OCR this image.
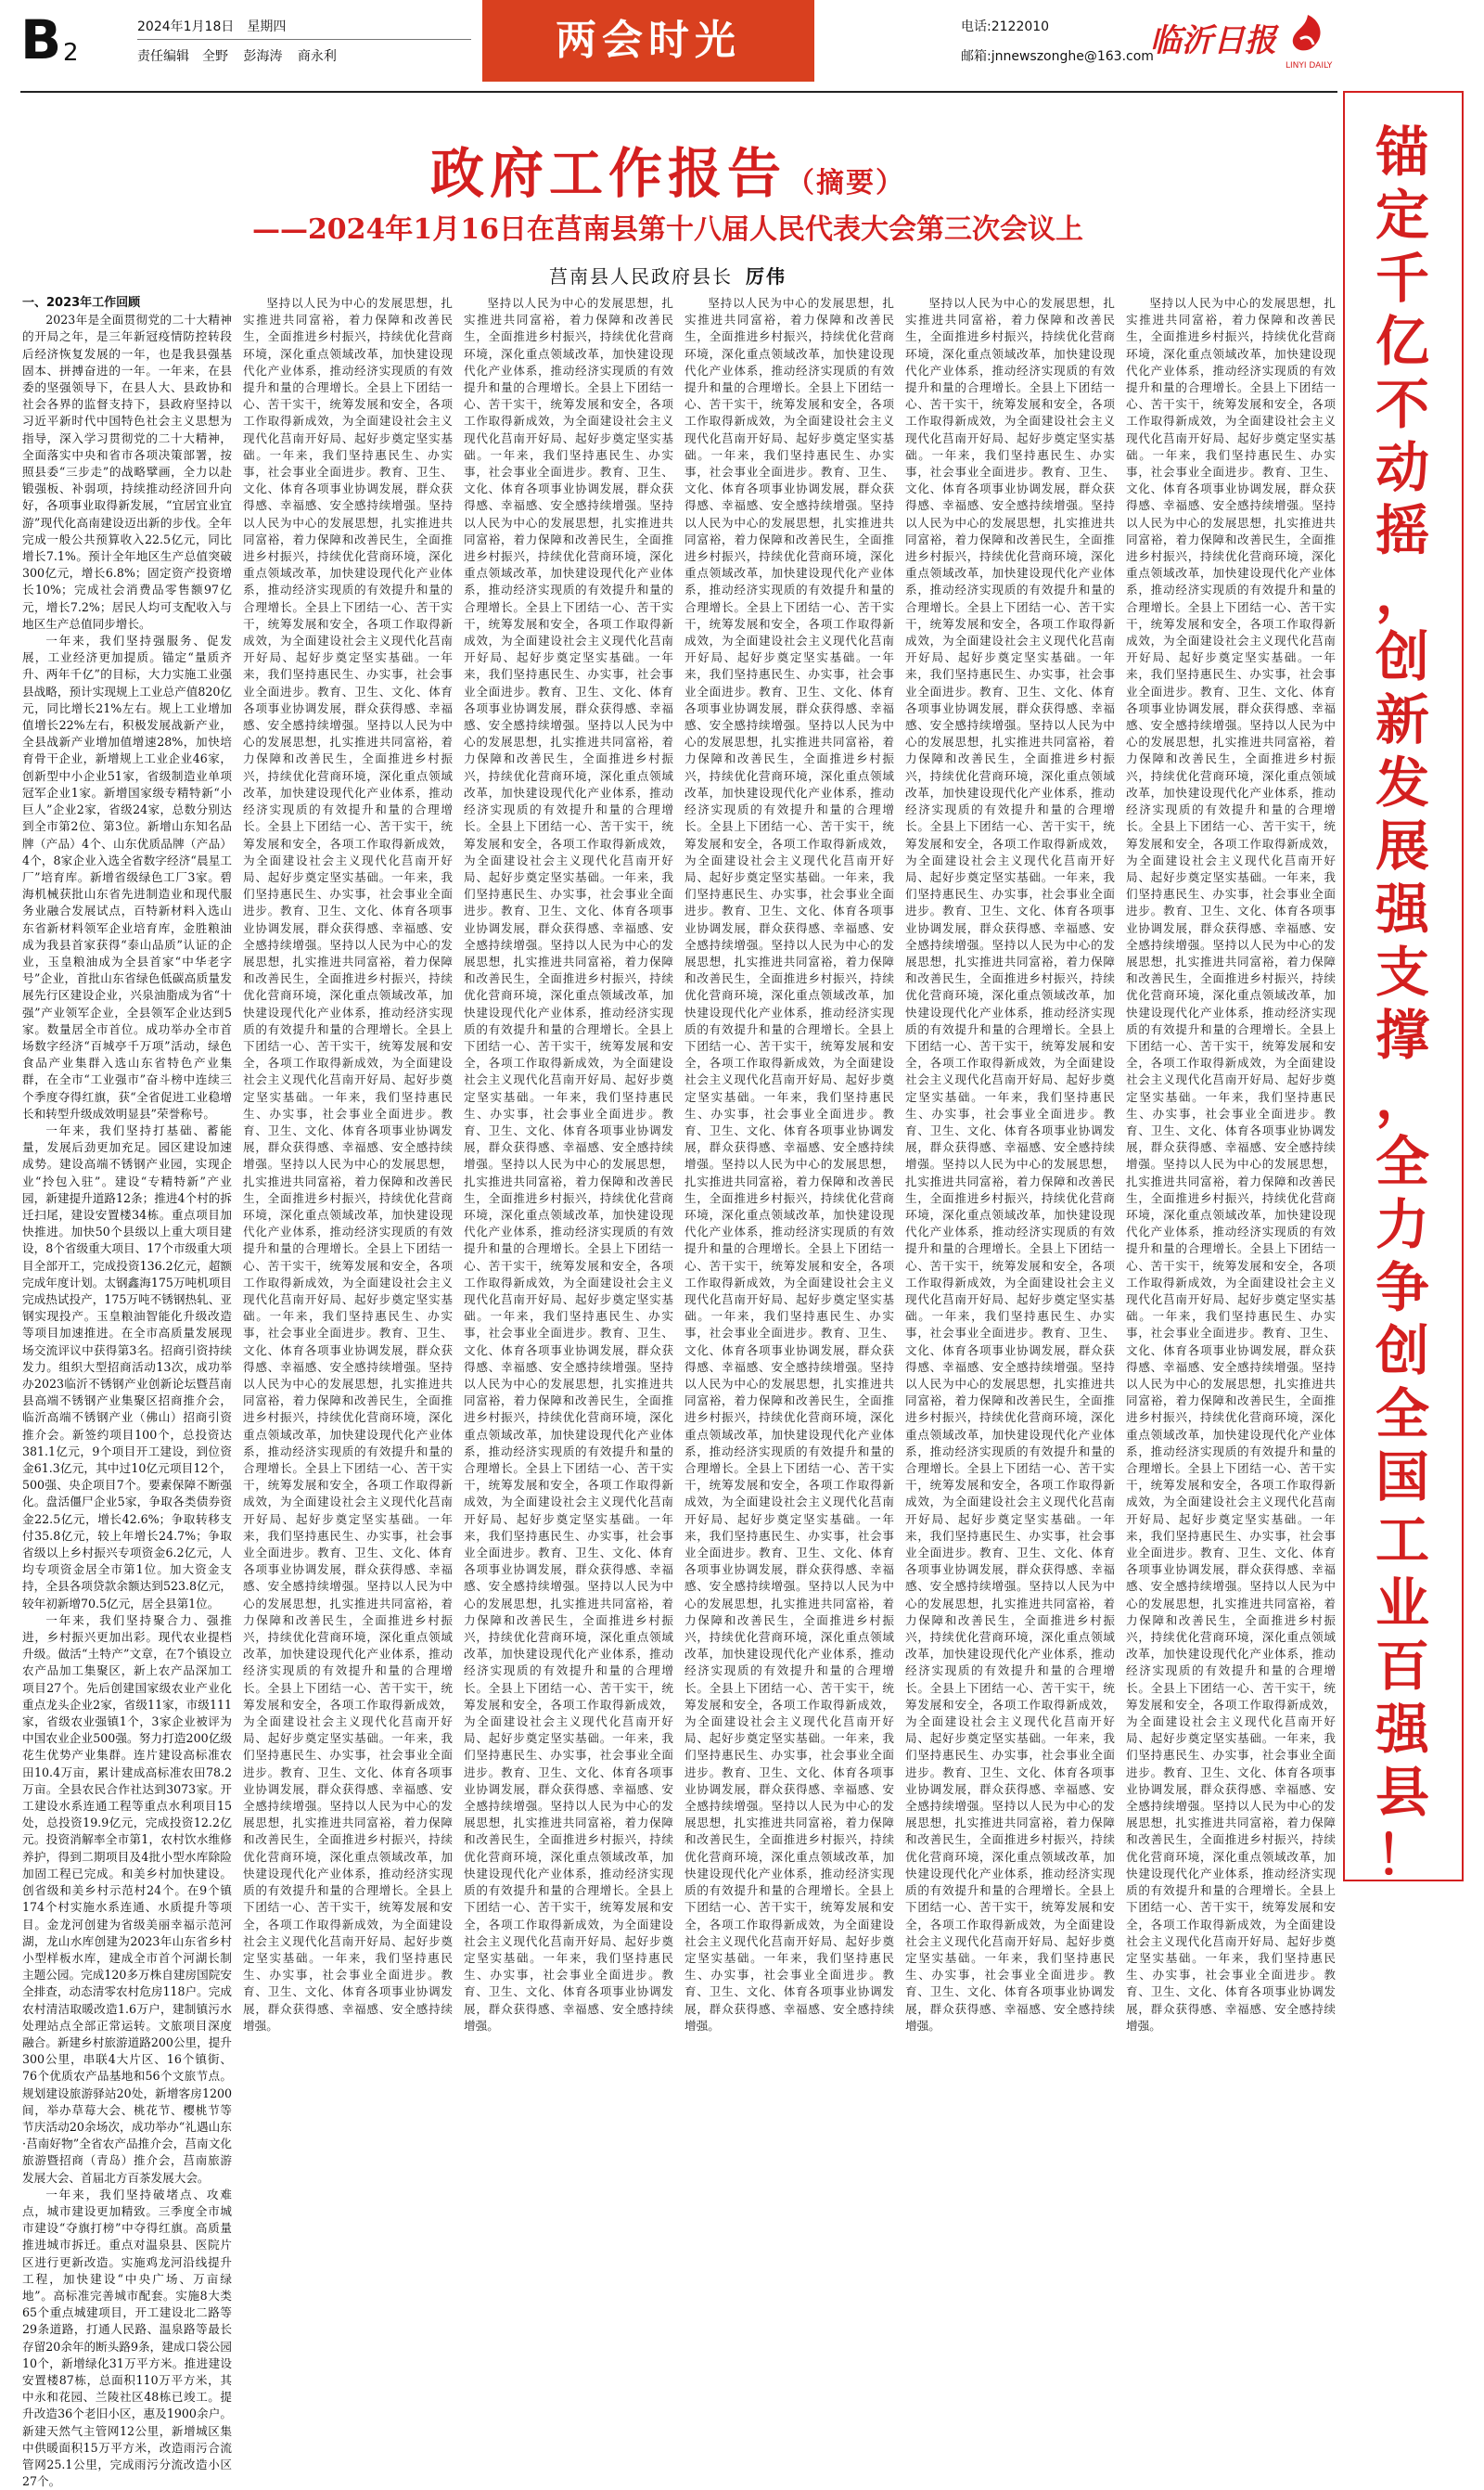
B 2
2024年1月18日　星期四
责任编辑　全野 彭海涛 商永利	两会时光	电话:2122010
邮箱:jnnewszonghe@163.com
临沂日报
LINYI DAILY
锚
定
千
亿
不
动
摇
，
创
新
发
展
强
支
撑
，
全
力
争
创
全
国
工
业
百
强
县
！
政府工作报告（摘要）
——2024年1月16日在莒南县第十八届人民代表大会第三次会议上
莒南县人民政府县长 厉伟
一、2023年工作回顾

2023年是全面贯彻党的二十大精神的开局之年，是三年新冠疫情防控转段后经济恢复发展的一年，也是我县强基固本、拼搏奋进的一年。一年来，在县委的坚强领导下，在县人大、县政协和社会各界的监督支持下，县政府坚持以习近平新时代中国特色社会主义思想为指导，深入学习贯彻党的二十大精神，全面落实中央和省市各项决策部署，按照县委“三步走”的战略擘画，全力以赴锻强板、补弱项，持续推动经济回升向好，各项事业取得新发展，“宜居宜业宜游”现代化高南建设迈出新的步伐。全年完成一般公共预算收入22.5亿元，同比增长7.1%。预计全年地区生产总值突破300亿元，增长6.8%；固定资产投资增长10%；完成社会消费品零售额97亿元，增长7.2%；居民人均可支配收入与地区生产总值同步增长。

一年来，我们坚持强服务、促发展，工业经济更加提质。锚定“量质齐升、两年千亿”的目标，大力实施工业强县战略，预计实现规上工业总产值820亿元，同比增长21%左右。规上工业增加值增长22%左右，积极发展战新产业，全县战新产业增加值增速28%，加快培育骨干企业，新增规上工业企业46家，创新型中小企业51家，省级制造业单项冠军企业1家。新增国家级专精特新“小巨人”企业2家，省级24家，总数分别达到全市第2位、第3位。新增山东知名品牌（产品）4个、山东优质品牌（产品）4个，8家企业入选全省数字经济“晨星工厂”培育库。新增省级绿色工厂3家。碧海机械获批山东省先进制造业和现代服务业融合发展试点，百特新材料入选山东省新材料领军企业培育库，金胜粮油成为我县首家获得“泰山品质”认证的企业，玉皇粮油成为全县首家“中华老字号”企业，首批山东省绿色低碳高质量发展先行区建设企业，兴泉油脂成为省“十强”产业领军企业，全县领军企业达到5家。数量居全市首位。成功举办全市首场数字经济“百城亭千万项”活动，绿色食品产业集群入选山东省特色产业集群，在全市“工业强市”奋斗榜中连续三个季度夺得红旗，获“全省促进工业稳增长和转型升级成效明显县”荣誉称号。

一年来，我们坚持打基础、蓄能量，发展后劲更加充足。园区建设加速成势。建设高端不锈钢产业园，实现企业“拎包入驻”。建设“专精特新”产业园，新建提升道路12条；推进4个村的拆迁扫尾，建设安置楼34栋。重点项目加快推进。加快50个县级以上重大项目建设，8个省级重大项目、17个市级重大项目全部开工，完成投资136.2亿元，超额完成年度计划。太钢鑫海175万吨机项目完成热试投产，175万吨不锈钢热轧、亚钢实现投产。玉皇粮油智能化升级改造等项目加速推进。在全市高质量发展现场交流评议中获得第3名。招商引资持续发力。组织大型招商活动13次，成功举办2023临沂不锈钢产业创新论坛暨莒南县高端不锈钢产业集聚区招商推介会，临沂高端不锈钢产业（佛山）招商引资推介会。新签约项目100个，总投资达381.1亿元，9个项目开工建设，到位资金61.3亿元，其中过10亿元项目12个，500强、央企项目7个。要素保障不断强化。盘活僵尸企业5家，争取各类债券资金22.5亿元，增长42.6%；争取转移支付35.8亿元，较上年增长24.7%；争取省级以上乡村振兴专项资金6.2亿元，人均专项资金居全市第1位。加大资金支持，全县各项贷款余额达到523.8亿元，较年初新增70.5亿元，居全县第1位。

一年来，我们坚持聚合力、强推进，乡村振兴更加出彩。现代农业提档升级。做活“土特产”文章，在7个镇设立农产品加工集聚区，新上农产品深加工项目27个。先后创建国家级农业产业化重点龙头企业2家，省级11家，市级111家，省级农业强镇1个，3家企业被评为中国农业企业500强。努力打造200亿级花生优势产业集群。连片建设高标准农田10.4万亩，累计建成高标准农田78.2万亩。全县农民合作社达到3073家。开工建设水系连通工程等重点水利项目15处，总投资19.9亿元，完成投资12.2亿元。投资消解率全市第1，农村饮水维修养护，得到二期项目及4批小型水库除险加固工程已完成。和美乡村加快建设。创省级和美乡村示范村24个。在9个镇174个村实施水系连通、水质提升等项目。金龙河创建为省级美丽幸福示范河湖，龙山水库创建为2023年山东省乡村小型样板水库，建成全市首个河湖长制主题公园。完成120多万株自建房国院安全排查，动态清零农村危房118户。完成农村清洁取暖改造1.6万户，建制镇污水处理站点全部正常运转。文旅项目深度融合。新建乡村旅游道路200公里，提升300公里，串联4大片区、16个镇街、76个优质农产品基地和56个文旅节点。规划建设旅游驿站20处，新增客房1200间，举办草莓大会、桃花节、樱桃节等节庆活动20余场次，成功举办“礼遇山东·莒南好物”全省农产品推介会，莒南文化旅游暨招商（青岛）推介会，莒南旅游发展大会、首届北方百茶发展大会。

一年来，我们坚持破堵点、攻难点，城市建设更加精致。三季度全市城市建设“夺旗打榜”中夺得红旗。高质量推进城市拆迁。重点对温泉县、医院片区进行更新改造。实施鸡龙河沿线提升工程，加快建设“中央广场、万亩绿地”。高标准完善城市配套。实施8大类65个重点城建项目，开工建设北二路等29条道路，打通人民路、温泉路等最长存留20余年的断头路9条，建成口袋公园10个，新增绿化31万平方米。推进建设安置楼87栋，总面积110万平方米，其中永和花园、兰陵社区48栋已竣工。提升改造36个老旧小区，惠及1900余户。新建天然气主管网12公里，新增城区集中供暖面积15万平方米，改造雨污合流管网25.1公里，完成雨污分流改造小区27个。

坚持以人民为中心的发展思想，扎实推进共同富裕，着力保障和改善民生，全面推进乡村振兴，持续优化营商环境，深化重点领域改革，加快建设现代化产业体系，推动经济实现质的有效提升和量的合理增长。全县上下团结一心、苦干实干，统筹发展和安全，各项工作取得新成效，为全面建设社会主义现代化莒南开好局、起好步奠定坚实基础。一年来，我们坚持惠民生、办实事，社会事业全面进步。教育、卫生、文化、体育各项事业协调发展，群众获得感、幸福感、安全感持续增强。坚持以人民为中心的发展思想，扎实推进共同富裕，着力保障和改善民生，全面推进乡村振兴，持续优化营商环境，深化重点领域改革，加快建设现代化产业体系，推动经济实现质的有效提升和量的合理增长。全县上下团结一心、苦干实干，统筹发展和安全，各项工作取得新成效，为全面建设社会主义现代化莒南开好局、起好步奠定坚实基础。一年来，我们坚持惠民生、办实事，社会事业全面进步。教育、卫生、文化、体育各项事业协调发展，群众获得感、幸福感、安全感持续增强。坚持以人民为中心的发展思想，扎实推进共同富裕，着力保障和改善民生，全面推进乡村振兴，持续优化营商环境，深化重点领域改革，加快建设现代化产业体系，推动经济实现质的有效提升和量的合理增长。全县上下团结一心、苦干实干，统筹发展和安全，各项工作取得新成效，为全面建设社会主义现代化莒南开好局、起好步奠定坚实基础。一年来，我们坚持惠民生、办实事，社会事业全面进步。教育、卫生、文化、体育各项事业协调发展，群众获得感、幸福感、安全感持续增强。坚持以人民为中心的发展思想，扎实推进共同富裕，着力保障和改善民生，全面推进乡村振兴，持续优化营商环境，深化重点领域改革，加快建设现代化产业体系，推动经济实现质的有效提升和量的合理增长。全县上下团结一心、苦干实干，统筹发展和安全，各项工作取得新成效，为全面建设社会主义现代化莒南开好局、起好步奠定坚实基础。一年来，我们坚持惠民生、办实事，社会事业全面进步。教育、卫生、文化、体育各项事业协调发展，群众获得感、幸福感、安全感持续增强。坚持以人民为中心的发展思想，扎实推进共同富裕，着力保障和改善民生，全面推进乡村振兴，持续优化营商环境，深化重点领域改革，加快建设现代化产业体系，推动经济实现质的有效提升和量的合理增长。全县上下团结一心、苦干实干，统筹发展和安全，各项工作取得新成效，为全面建设社会主义现代化莒南开好局、起好步奠定坚实基础。一年来，我们坚持惠民生、办实事，社会事业全面进步。教育、卫生、文化、体育各项事业协调发展，群众获得感、幸福感、安全感持续增强。坚持以人民为中心的发展思想，扎实推进共同富裕，着力保障和改善民生，全面推进乡村振兴，持续优化营商环境，深化重点领域改革，加快建设现代化产业体系，推动经济实现质的有效提升和量的合理增长。全县上下团结一心、苦干实干，统筹发展和安全，各项工作取得新成效，为全面建设社会主义现代化莒南开好局、起好步奠定坚实基础。一年来，我们坚持惠民生、办实事，社会事业全面进步。教育、卫生、文化、体育各项事业协调发展，群众获得感、幸福感、安全感持续增强。坚持以人民为中心的发展思想，扎实推进共同富裕，着力保障和改善民生，全面推进乡村振兴，持续优化营商环境，深化重点领域改革，加快建设现代化产业体系，推动经济实现质的有效提升和量的合理增长。全县上下团结一心、苦干实干，统筹发展和安全，各项工作取得新成效，为全面建设社会主义现代化莒南开好局、起好步奠定坚实基础。一年来，我们坚持惠民生、办实事，社会事业全面进步。教育、卫生、文化、体育各项事业协调发展，群众获得感、幸福感、安全感持续增强。坚持以人民为中心的发展思想，扎实推进共同富裕，着力保障和改善民生，全面推进乡村振兴，持续优化营商环境，深化重点领域改革，加快建设现代化产业体系，推动经济实现质的有效提升和量的合理增长。全县上下团结一心、苦干实干，统筹发展和安全，各项工作取得新成效，为全面建设社会主义现代化莒南开好局、起好步奠定坚实基础。一年来，我们坚持惠民生、办实事，社会事业全面进步。教育、卫生、文化、体育各项事业协调发展，群众获得感、幸福感、安全感持续增强。

坚持以人民为中心的发展思想，扎实推进共同富裕，着力保障和改善民生，全面推进乡村振兴，持续优化营商环境，深化重点领域改革，加快建设现代化产业体系，推动经济实现质的有效提升和量的合理增长。全县上下团结一心、苦干实干，统筹发展和安全，各项工作取得新成效，为全面建设社会主义现代化莒南开好局、起好步奠定坚实基础。一年来，我们坚持惠民生、办实事，社会事业全面进步。教育、卫生、文化、体育各项事业协调发展，群众获得感、幸福感、安全感持续增强。坚持以人民为中心的发展思想，扎实推进共同富裕，着力保障和改善民生，全面推进乡村振兴，持续优化营商环境，深化重点领域改革，加快建设现代化产业体系，推动经济实现质的有效提升和量的合理增长。全县上下团结一心、苦干实干，统筹发展和安全，各项工作取得新成效，为全面建设社会主义现代化莒南开好局、起好步奠定坚实基础。一年来，我们坚持惠民生、办实事，社会事业全面进步。教育、卫生、文化、体育各项事业协调发展，群众获得感、幸福感、安全感持续增强。坚持以人民为中心的发展思想，扎实推进共同富裕，着力保障和改善民生，全面推进乡村振兴，持续优化营商环境，深化重点领域改革，加快建设现代化产业体系，推动经济实现质的有效提升和量的合理增长。全县上下团结一心、苦干实干，统筹发展和安全，各项工作取得新成效，为全面建设社会主义现代化莒南开好局、起好步奠定坚实基础。一年来，我们坚持惠民生、办实事，社会事业全面进步。教育、卫生、文化、体育各项事业协调发展，群众获得感、幸福感、安全感持续增强。坚持以人民为中心的发展思想，扎实推进共同富裕，着力保障和改善民生，全面推进乡村振兴，持续优化营商环境，深化重点领域改革，加快建设现代化产业体系，推动经济实现质的有效提升和量的合理增长。全县上下团结一心、苦干实干，统筹发展和安全，各项工作取得新成效，为全面建设社会主义现代化莒南开好局、起好步奠定坚实基础。一年来，我们坚持惠民生、办实事，社会事业全面进步。教育、卫生、文化、体育各项事业协调发展，群众获得感、幸福感、安全感持续增强。坚持以人民为中心的发展思想，扎实推进共同富裕，着力保障和改善民生，全面推进乡村振兴，持续优化营商环境，深化重点领域改革，加快建设现代化产业体系，推动经济实现质的有效提升和量的合理增长。全县上下团结一心、苦干实干，统筹发展和安全，各项工作取得新成效，为全面建设社会主义现代化莒南开好局、起好步奠定坚实基础。一年来，我们坚持惠民生、办实事，社会事业全面进步。教育、卫生、文化、体育各项事业协调发展，群众获得感、幸福感、安全感持续增强。坚持以人民为中心的发展思想，扎实推进共同富裕，着力保障和改善民生，全面推进乡村振兴，持续优化营商环境，深化重点领域改革，加快建设现代化产业体系，推动经济实现质的有效提升和量的合理增长。全县上下团结一心、苦干实干，统筹发展和安全，各项工作取得新成效，为全面建设社会主义现代化莒南开好局、起好步奠定坚实基础。一年来，我们坚持惠民生、办实事，社会事业全面进步。教育、卫生、文化、体育各项事业协调发展，群众获得感、幸福感、安全感持续增强。坚持以人民为中心的发展思想，扎实推进共同富裕，着力保障和改善民生，全面推进乡村振兴，持续优化营商环境，深化重点领域改革，加快建设现代化产业体系，推动经济实现质的有效提升和量的合理增长。全县上下团结一心、苦干实干，统筹发展和安全，各项工作取得新成效，为全面建设社会主义现代化莒南开好局、起好步奠定坚实基础。一年来，我们坚持惠民生、办实事，社会事业全面进步。教育、卫生、文化、体育各项事业协调发展，群众获得感、幸福感、安全感持续增强。坚持以人民为中心的发展思想，扎实推进共同富裕，着力保障和改善民生，全面推进乡村振兴，持续优化营商环境，深化重点领域改革，加快建设现代化产业体系，推动经济实现质的有效提升和量的合理增长。全县上下团结一心、苦干实干，统筹发展和安全，各项工作取得新成效，为全面建设社会主义现代化莒南开好局、起好步奠定坚实基础。一年来，我们坚持惠民生、办实事，社会事业全面进步。教育、卫生、文化、体育各项事业协调发展，群众获得感、幸福感、安全感持续增强。

坚持以人民为中心的发展思想，扎实推进共同富裕，着力保障和改善民生，全面推进乡村振兴，持续优化营商环境，深化重点领域改革，加快建设现代化产业体系，推动经济实现质的有效提升和量的合理增长。全县上下团结一心、苦干实干，统筹发展和安全，各项工作取得新成效，为全面建设社会主义现代化莒南开好局、起好步奠定坚实基础。一年来，我们坚持惠民生、办实事，社会事业全面进步。教育、卫生、文化、体育各项事业协调发展，群众获得感、幸福感、安全感持续增强。坚持以人民为中心的发展思想，扎实推进共同富裕，着力保障和改善民生，全面推进乡村振兴，持续优化营商环境，深化重点领域改革，加快建设现代化产业体系，推动经济实现质的有效提升和量的合理增长。全县上下团结一心、苦干实干，统筹发展和安全，各项工作取得新成效，为全面建设社会主义现代化莒南开好局、起好步奠定坚实基础。一年来，我们坚持惠民生、办实事，社会事业全面进步。教育、卫生、文化、体育各项事业协调发展，群众获得感、幸福感、安全感持续增强。坚持以人民为中心的发展思想，扎实推进共同富裕，着力保障和改善民生，全面推进乡村振兴，持续优化营商环境，深化重点领域改革，加快建设现代化产业体系，推动经济实现质的有效提升和量的合理增长。全县上下团结一心、苦干实干，统筹发展和安全，各项工作取得新成效，为全面建设社会主义现代化莒南开好局、起好步奠定坚实基础。一年来，我们坚持惠民生、办实事，社会事业全面进步。教育、卫生、文化、体育各项事业协调发展，群众获得感、幸福感、安全感持续增强。坚持以人民为中心的发展思想，扎实推进共同富裕，着力保障和改善民生，全面推进乡村振兴，持续优化营商环境，深化重点领域改革，加快建设现代化产业体系，推动经济实现质的有效提升和量的合理增长。全县上下团结一心、苦干实干，统筹发展和安全，各项工作取得新成效，为全面建设社会主义现代化莒南开好局、起好步奠定坚实基础。一年来，我们坚持惠民生、办实事，社会事业全面进步。教育、卫生、文化、体育各项事业协调发展，群众获得感、幸福感、安全感持续增强。坚持以人民为中心的发展思想，扎实推进共同富裕，着力保障和改善民生，全面推进乡村振兴，持续优化营商环境，深化重点领域改革，加快建设现代化产业体系，推动经济实现质的有效提升和量的合理增长。全县上下团结一心、苦干实干，统筹发展和安全，各项工作取得新成效，为全面建设社会主义现代化莒南开好局、起好步奠定坚实基础。一年来，我们坚持惠民生、办实事，社会事业全面进步。教育、卫生、文化、体育各项事业协调发展，群众获得感、幸福感、安全感持续增强。坚持以人民为中心的发展思想，扎实推进共同富裕，着力保障和改善民生，全面推进乡村振兴，持续优化营商环境，深化重点领域改革，加快建设现代化产业体系，推动经济实现质的有效提升和量的合理增长。全县上下团结一心、苦干实干，统筹发展和安全，各项工作取得新成效，为全面建设社会主义现代化莒南开好局、起好步奠定坚实基础。一年来，我们坚持惠民生、办实事，社会事业全面进步。教育、卫生、文化、体育各项事业协调发展，群众获得感、幸福感、安全感持续增强。坚持以人民为中心的发展思想，扎实推进共同富裕，着力保障和改善民生，全面推进乡村振兴，持续优化营商环境，深化重点领域改革，加快建设现代化产业体系，推动经济实现质的有效提升和量的合理增长。全县上下团结一心、苦干实干，统筹发展和安全，各项工作取得新成效，为全面建设社会主义现代化莒南开好局、起好步奠定坚实基础。一年来，我们坚持惠民生、办实事，社会事业全面进步。教育、卫生、文化、体育各项事业协调发展，群众获得感、幸福感、安全感持续增强。坚持以人民为中心的发展思想，扎实推进共同富裕，着力保障和改善民生，全面推进乡村振兴，持续优化营商环境，深化重点领域改革，加快建设现代化产业体系，推动经济实现质的有效提升和量的合理增长。全县上下团结一心、苦干实干，统筹发展和安全，各项工作取得新成效，为全面建设社会主义现代化莒南开好局、起好步奠定坚实基础。一年来，我们坚持惠民生、办实事，社会事业全面进步。教育、卫生、文化、体育各项事业协调发展，群众获得感、幸福感、安全感持续增强。

坚持以人民为中心的发展思想，扎实推进共同富裕，着力保障和改善民生，全面推进乡村振兴，持续优化营商环境，深化重点领域改革，加快建设现代化产业体系，推动经济实现质的有效提升和量的合理增长。全县上下团结一心、苦干实干，统筹发展和安全，各项工作取得新成效，为全面建设社会主义现代化莒南开好局、起好步奠定坚实基础。一年来，我们坚持惠民生、办实事，社会事业全面进步。教育、卫生、文化、体育各项事业协调发展，群众获得感、幸福感、安全感持续增强。坚持以人民为中心的发展思想，扎实推进共同富裕，着力保障和改善民生，全面推进乡村振兴，持续优化营商环境，深化重点领域改革，加快建设现代化产业体系，推动经济实现质的有效提升和量的合理增长。全县上下团结一心、苦干实干，统筹发展和安全，各项工作取得新成效，为全面建设社会主义现代化莒南开好局、起好步奠定坚实基础。一年来，我们坚持惠民生、办实事，社会事业全面进步。教育、卫生、文化、体育各项事业协调发展，群众获得感、幸福感、安全感持续增强。坚持以人民为中心的发展思想，扎实推进共同富裕，着力保障和改善民生，全面推进乡村振兴，持续优化营商环境，深化重点领域改革，加快建设现代化产业体系，推动经济实现质的有效提升和量的合理增长。全县上下团结一心、苦干实干，统筹发展和安全，各项工作取得新成效，为全面建设社会主义现代化莒南开好局、起好步奠定坚实基础。一年来，我们坚持惠民生、办实事，社会事业全面进步。教育、卫生、文化、体育各项事业协调发展，群众获得感、幸福感、安全感持续增强。坚持以人民为中心的发展思想，扎实推进共同富裕，着力保障和改善民生，全面推进乡村振兴，持续优化营商环境，深化重点领域改革，加快建设现代化产业体系，推动经济实现质的有效提升和量的合理增长。全县上下团结一心、苦干实干，统筹发展和安全，各项工作取得新成效，为全面建设社会主义现代化莒南开好局、起好步奠定坚实基础。一年来，我们坚持惠民生、办实事，社会事业全面进步。教育、卫生、文化、体育各项事业协调发展，群众获得感、幸福感、安全感持续增强。坚持以人民为中心的发展思想，扎实推进共同富裕，着力保障和改善民生，全面推进乡村振兴，持续优化营商环境，深化重点领域改革，加快建设现代化产业体系，推动经济实现质的有效提升和量的合理增长。全县上下团结一心、苦干实干，统筹发展和安全，各项工作取得新成效，为全面建设社会主义现代化莒南开好局、起好步奠定坚实基础。一年来，我们坚持惠民生、办实事，社会事业全面进步。教育、卫生、文化、体育各项事业协调发展，群众获得感、幸福感、安全感持续增强。坚持以人民为中心的发展思想，扎实推进共同富裕，着力保障和改善民生，全面推进乡村振兴，持续优化营商环境，深化重点领域改革，加快建设现代化产业体系，推动经济实现质的有效提升和量的合理增长。全县上下团结一心、苦干实干，统筹发展和安全，各项工作取得新成效，为全面建设社会主义现代化莒南开好局、起好步奠定坚实基础。一年来，我们坚持惠民生、办实事，社会事业全面进步。教育、卫生、文化、体育各项事业协调发展，群众获得感、幸福感、安全感持续增强。坚持以人民为中心的发展思想，扎实推进共同富裕，着力保障和改善民生，全面推进乡村振兴，持续优化营商环境，深化重点领域改革，加快建设现代化产业体系，推动经济实现质的有效提升和量的合理增长。全县上下团结一心、苦干实干，统筹发展和安全，各项工作取得新成效，为全面建设社会主义现代化莒南开好局、起好步奠定坚实基础。一年来，我们坚持惠民生、办实事，社会事业全面进步。教育、卫生、文化、体育各项事业协调发展，群众获得感、幸福感、安全感持续增强。坚持以人民为中心的发展思想，扎实推进共同富裕，着力保障和改善民生，全面推进乡村振兴，持续优化营商环境，深化重点领域改革，加快建设现代化产业体系，推动经济实现质的有效提升和量的合理增长。全县上下团结一心、苦干实干，统筹发展和安全，各项工作取得新成效，为全面建设社会主义现代化莒南开好局、起好步奠定坚实基础。一年来，我们坚持惠民生、办实事，社会事业全面进步。教育、卫生、文化、体育各项事业协调发展，群众获得感、幸福感、安全感持续增强。

坚持以人民为中心的发展思想，扎实推进共同富裕，着力保障和改善民生，全面推进乡村振兴，持续优化营商环境，深化重点领域改革，加快建设现代化产业体系，推动经济实现质的有效提升和量的合理增长。全县上下团结一心、苦干实干，统筹发展和安全，各项工作取得新成效，为全面建设社会主义现代化莒南开好局、起好步奠定坚实基础。一年来，我们坚持惠民生、办实事，社会事业全面进步。教育、卫生、文化、体育各项事业协调发展，群众获得感、幸福感、安全感持续增强。坚持以人民为中心的发展思想，扎实推进共同富裕，着力保障和改善民生，全面推进乡村振兴，持续优化营商环境，深化重点领域改革，加快建设现代化产业体系，推动经济实现质的有效提升和量的合理增长。全县上下团结一心、苦干实干，统筹发展和安全，各项工作取得新成效，为全面建设社会主义现代化莒南开好局、起好步奠定坚实基础。一年来，我们坚持惠民生、办实事，社会事业全面进步。教育、卫生、文化、体育各项事业协调发展，群众获得感、幸福感、安全感持续增强。坚持以人民为中心的发展思想，扎实推进共同富裕，着力保障和改善民生，全面推进乡村振兴，持续优化营商环境，深化重点领域改革，加快建设现代化产业体系，推动经济实现质的有效提升和量的合理增长。全县上下团结一心、苦干实干，统筹发展和安全，各项工作取得新成效，为全面建设社会主义现代化莒南开好局、起好步奠定坚实基础。一年来，我们坚持惠民生、办实事，社会事业全面进步。教育、卫生、文化、体育各项事业协调发展，群众获得感、幸福感、安全感持续增强。坚持以人民为中心的发展思想，扎实推进共同富裕，着力保障和改善民生，全面推进乡村振兴，持续优化营商环境，深化重点领域改革，加快建设现代化产业体系，推动经济实现质的有效提升和量的合理增长。全县上下团结一心、苦干实干，统筹发展和安全，各项工作取得新成效，为全面建设社会主义现代化莒南开好局、起好步奠定坚实基础。一年来，我们坚持惠民生、办实事，社会事业全面进步。教育、卫生、文化、体育各项事业协调发展，群众获得感、幸福感、安全感持续增强。坚持以人民为中心的发展思想，扎实推进共同富裕，着力保障和改善民生，全面推进乡村振兴，持续优化营商环境，深化重点领域改革，加快建设现代化产业体系，推动经济实现质的有效提升和量的合理增长。全县上下团结一心、苦干实干，统筹发展和安全，各项工作取得新成效，为全面建设社会主义现代化莒南开好局、起好步奠定坚实基础。一年来，我们坚持惠民生、办实事，社会事业全面进步。教育、卫生、文化、体育各项事业协调发展，群众获得感、幸福感、安全感持续增强。坚持以人民为中心的发展思想，扎实推进共同富裕，着力保障和改善民生，全面推进乡村振兴，持续优化营商环境，深化重点领域改革，加快建设现代化产业体系，推动经济实现质的有效提升和量的合理增长。全县上下团结一心、苦干实干，统筹发展和安全，各项工作取得新成效，为全面建设社会主义现代化莒南开好局、起好步奠定坚实基础。一年来，我们坚持惠民生、办实事，社会事业全面进步。教育、卫生、文化、体育各项事业协调发展，群众获得感、幸福感、安全感持续增强。坚持以人民为中心的发展思想，扎实推进共同富裕，着力保障和改善民生，全面推进乡村振兴，持续优化营商环境，深化重点领域改革，加快建设现代化产业体系，推动经济实现质的有效提升和量的合理增长。全县上下团结一心、苦干实干，统筹发展和安全，各项工作取得新成效，为全面建设社会主义现代化莒南开好局、起好步奠定坚实基础。一年来，我们坚持惠民生、办实事，社会事业全面进步。教育、卫生、文化、体育各项事业协调发展，群众获得感、幸福感、安全感持续增强。坚持以人民为中心的发展思想，扎实推进共同富裕，着力保障和改善民生，全面推进乡村振兴，持续优化营商环境，深化重点领域改革，加快建设现代化产业体系，推动经济实现质的有效提升和量的合理增长。全县上下团结一心、苦干实干，统筹发展和安全，各项工作取得新成效，为全面建设社会主义现代化莒南开好局、起好步奠定坚实基础。一年来，我们坚持惠民生、办实事，社会事业全面进步。教育、卫生、文化、体育各项事业协调发展，群众获得感、幸福感、安全感持续增强。
